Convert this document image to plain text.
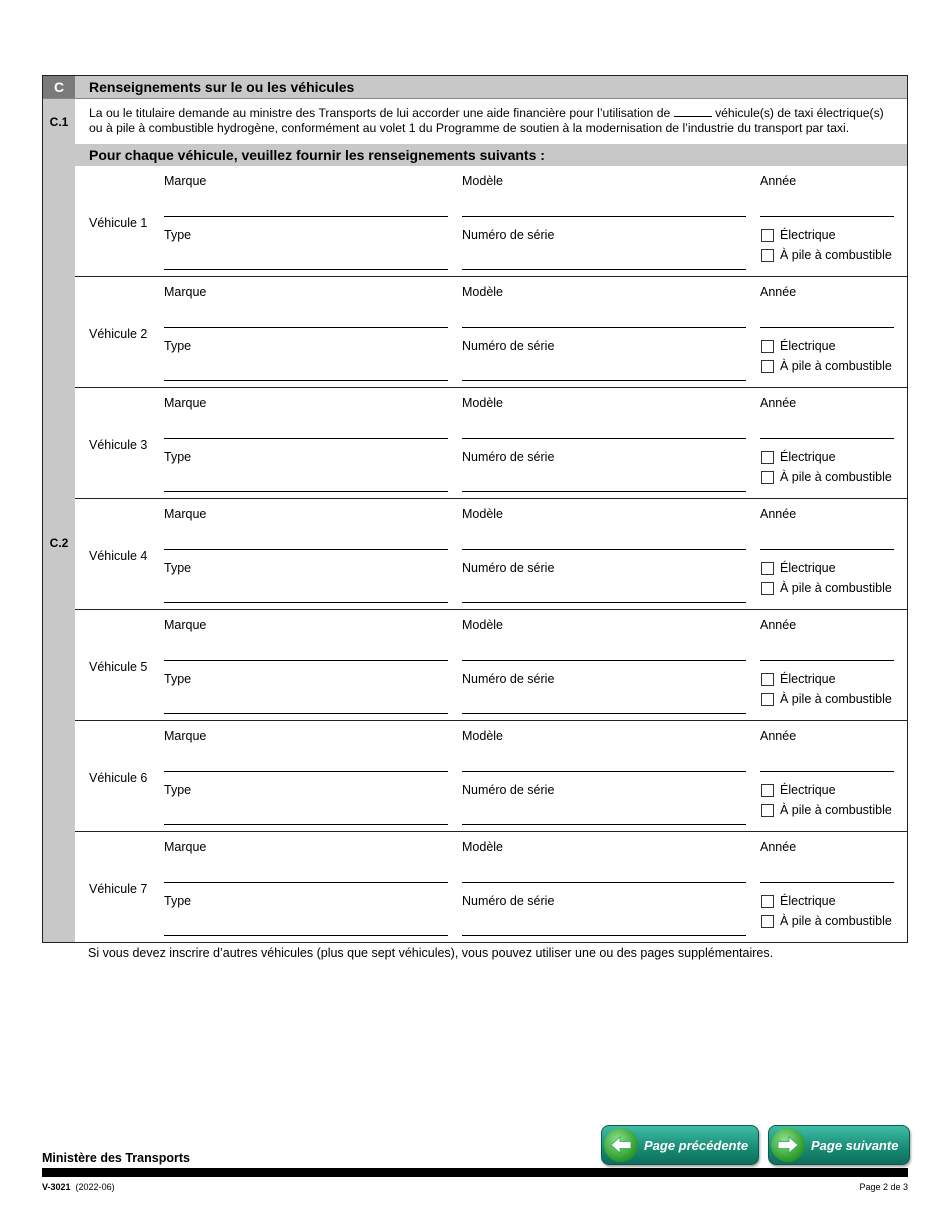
C	Renseignements sur le ou les véhicules
C.1
La ou le titulaire demande au ministre des Transports de lui accorder une aide financière pour l’utilisation de	véhicule(s) de taxi électrique(s) ou à pile à combustible hydrogène, conformément au volet 1 du Programme de soutien à la modernisation de l’industrie du transport par taxi.
C.2
Pour chaque véhicule, veuillez fournir les renseignements suivants :
Véhicule 1
Marque	Modèle	Année
Type	Numéro de série	Électrique
À pile à combustible
Véhicule 2
Marque	Modèle	Année
Type	Numéro de série	Électrique
À pile à combustible
Véhicule 3
Marque	Modèle	Année
Type	Numéro de série	Électrique
À pile à combustible
Véhicule 4
Marque	Modèle	Année
Type	Numéro de série	Électrique
À pile à combustible
Véhicule 5
Marque	Modèle	Année
Type	Numéro de série	Électrique
À pile à combustible
Véhicule 6
Marque	Modèle	Année
Type	Numéro de série	Électrique
À pile à combustible
Véhicule 7
Marque	Modèle	Année
Type	Numéro de série	Électrique
À pile à combustible
Si vous devez inscrire d’autres véhicules (plus que sept véhicules), vous pouvez utiliser une ou des pages supplémentaires.
Page précédente	Page suivante
Ministère des Transports
V-3021 (2022-06)	Page 2 de 3
